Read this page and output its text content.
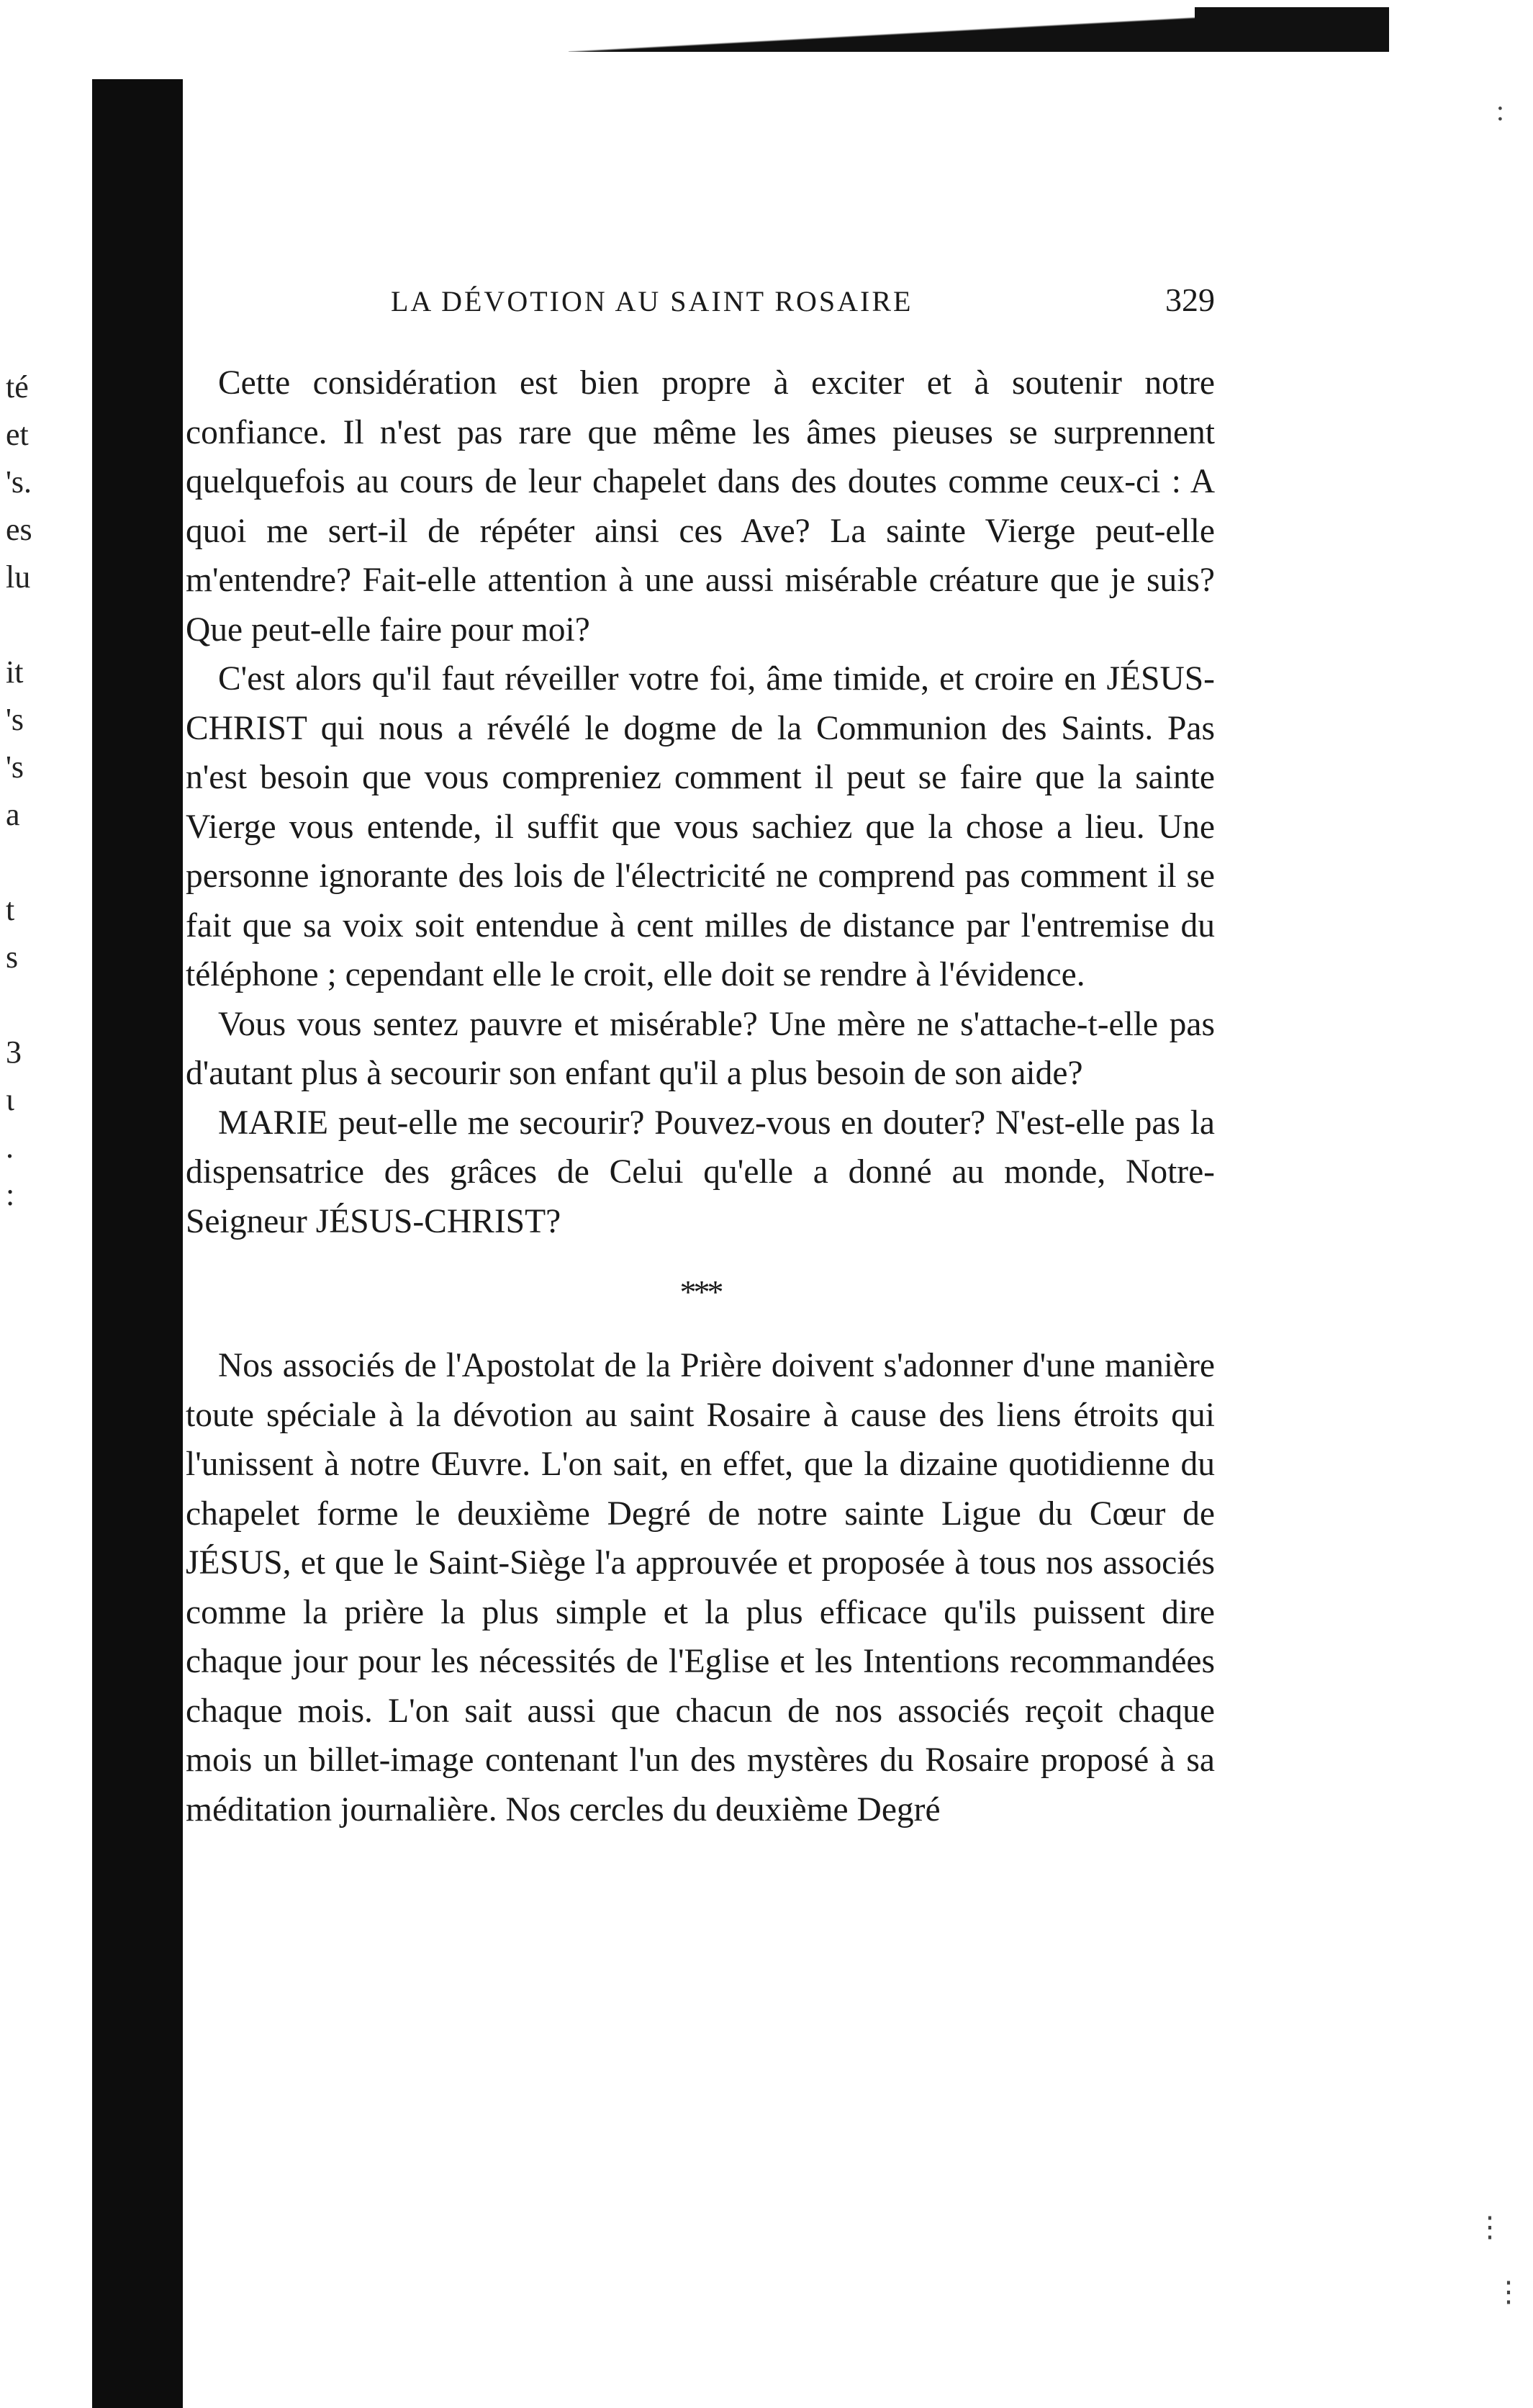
té
et
's.
es
lu
it
's
's
a
t
s
3
ι
.
:
LA DÉVOTION AU SAINT ROSAIRE	329

Cette considération est bien propre à exciter et à soutenir notre confiance. Il n'est pas rare que même les âmes pieuses se surprennent quelquefois au cours de leur chapelet dans des doutes comme ceux-ci : A quoi me sert-il de répéter ainsi ces Ave? La sainte Vierge peut-elle m'entendre? Fait-elle attention à une aussi misérable créature que je suis? Que peut-elle faire pour moi?

C'est alors qu'il faut réveiller votre foi, âme timide, et croire en JÉSUS-CHRIST qui nous a révélé le dogme de la Communion des Saints. Pas n'est besoin que vous compreniez comment il peut se faire que la sainte Vierge vous entende, il suffit que vous sachiez que la chose a lieu. Une personne ignorante des lois de l'électricité ne comprend pas comment il se fait que sa voix soit entendue à cent milles de distance par l'entremise du téléphone ; cependant elle le croit, elle doit se rendre à l'évidence.

Vous vous sentez pauvre et misérable? Une mère ne s'attache-t-elle pas d'autant plus à secourir son enfant qu'il a plus besoin de son aide?

MARIE peut-elle me secourir? Pouvez-vous en douter? N'est-elle pas la dispensatrice des grâces de Celui qu'elle a donné au monde, Notre-Seigneur JÉSUS-CHRIST?

***

Nos associés de l'Apostolat de la Prière doivent s'adonner d'une manière toute spéciale à la dévotion au saint Rosaire à cause des liens étroits qui l'unissent à notre Œuvre. L'on sait, en effet, que la dizaine quotidienne du chapelet forme le deuxième Degré de notre sainte Ligue du Cœur de JÉSUS, et que le Saint-Siège l'a approuvée et proposée à tous nos associés comme la prière la plus simple et la plus efficace qu'ils puissent dire chaque jour pour les nécessités de l'Eglise et les Intentions recommandées chaque mois. L'on sait aussi que chacun de nos associés reçoit chaque mois un billet-image contenant l'un des mystères du Rosaire proposé à sa méditation journalière. Nos cercles du deuxième Degré

:
⋮
⋮
